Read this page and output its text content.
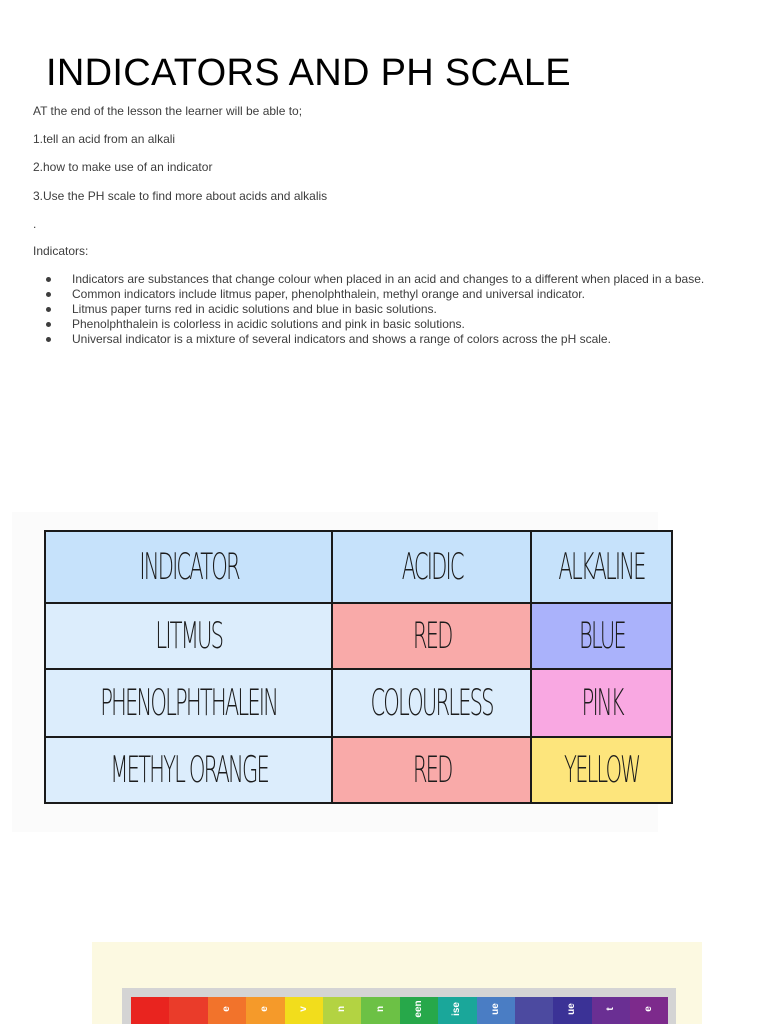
INDICATORS AND PH SCALE

AT the end of the lesson the learner will be able to;

1.tell an acid from an alkali

2.how to make use of an indicator

3.Use the PH scale to find more about acids and alkalis

.

Indicators:

Indicators are substances that change colour when placed in an acid and changes to a different when placed in a base.
Common indicators include litmus paper, phenolphthalein, methyl orange and universal indicator.
Litmus paper turns red in acidic solutions and blue in basic solutions.
Phenolphthalein is colorless in acidic solutions and pink in basic solutions.
Universal indicator is a mixture of several indicators and shows a range of colors across the pH scale.
INDICATOR	ACIDIC	ALKALINE
LITMUS	RED	BLUE
PHENOLPHTHALEIN	COLOURLESS	PINK
METHYL ORANGE	RED	YELLOW
e	e	v	n	n	een	ise	ue	ue	t	e
